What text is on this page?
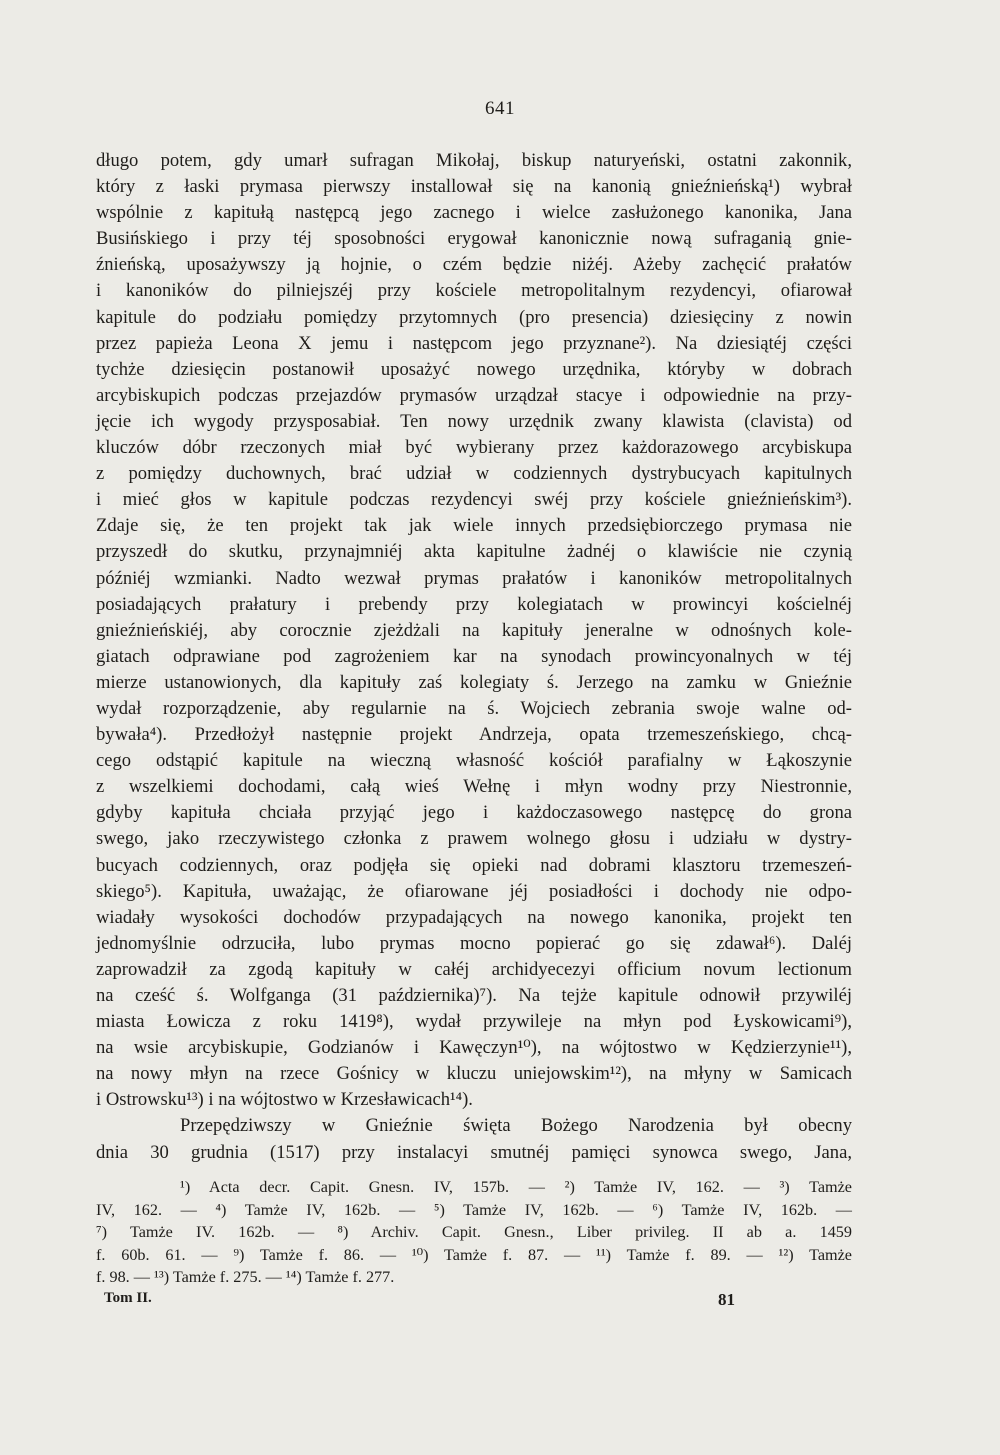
641
długo potem, gdy umarł sufragan Mikołaj, biskup naturyeński, ostatni zakonnik,
który z łaski prymasa pierwszy installował się na kanonią gnieźnieńską¹) wybrał
wspólnie z kapitułą następcą jego zacnego i wielce zasłużonego kanonika, Jana
Busińskiego i przy téj sposobności erygował kanonicznie nową sufraganią gnie-
źnieńską, uposażywszy ją hojnie, o czém będzie niżéj. Ażeby zachęcić prałatów
i kanoników do pilniejszéj przy kościele metropolitalnym rezydencyi, ofiarował
kapitule do podziału pomiędzy przytomnych (pro presencia) dziesięciny z nowin
przez papieża Leona X jemu i następcom jego przyznane²). Na dziesiątéj części
tychże dziesięcin postanowił uposażyć nowego urzędnika, któryby w dobrach
arcybiskupich podczas przejazdów prymasów urządzał stacye i odpowiednie na przy-
jęcie ich wygody przysposabiał. Ten nowy urzędnik zwany klawista (clavista) od
kluczów dóbr rzeczonych miał być wybierany przez każdorazowego arcybiskupa
z pomiędzy duchownych, brać udział w codziennych dystrybucyach kapitulnych
i mieć głos w kapitule podczas rezydencyi swéj przy kościele gnieźnieńskim³).
Zdaje się, że ten projekt tak jak wiele innych przedsiębiorczego prymasa nie
przyszedł do skutku, przynajmniéj akta kapitulne żadnéj o klawiście nie czynią
późniéj wzmianki. Nadto wezwał prymas prałatów i kanoników metropolitalnych
posiadających prałatury i prebendy przy kolegiatach w prowincyi kościelnéj
gnieźnieńskiéj, aby corocznie zjeżdżali na kapituły jeneralne w odnośnych kole-
giatach odprawiane pod zagrożeniem kar na synodach prowincyonalnych w téj
mierze ustanowionych, dla kapituły zaś kolegiaty ś. Jerzego na zamku w Gnieźnie
wydał rozporządzenie, aby regularnie na ś. Wojciech zebrania swoje walne od-
bywała⁴). Przedłożył następnie projekt Andrzeja, opata trzemeszeńskiego, chcą-
cego odstąpić kapitule na wieczną własność kościół parafialny w Łąkoszynie
z wszelkiemi dochodami, całą wieś Wełnę i młyn wodny przy Niestronnie,
gdyby kapituła chciała przyjąć jego i każdoczasowego następcę do grona
swego, jako rzeczywistego członka z prawem wolnego głosu i udziału w dystry-
bucyach codziennych, oraz podjęła się opieki nad dobrami klasztoru trzemeszeń-
skiego⁵). Kapituła, uważając, że ofiarowane jéj posiadłości i dochody nie odpo-
wiadały wysokości dochodów przypadających na nowego kanonika, projekt ten
jednomyślnie odrzuciła, lubo prymas mocno popierać go się zdawał⁶). Daléj
zaprowadził za zgodą kapituły w całéj archidyecezyi officium novum lectionum
na cześć ś. Wolfganga (31 października)⁷). Na tejże kapitule odnowił przywiléj
miasta Łowicza z roku 1419⁸), wydał przywileje na młyn pod Łyskowicami⁹),
na wsie arcybiskupie, Godzianów i Kawęczyn¹⁰), na wójtostwo w Kędzierzynie¹¹),
na nowy młyn na rzece Gośnicy w kluczu uniejowskim¹²), na młyny w Samicach
i Ostrowsku¹³) i na wójtostwo w Krzesławicach¹⁴).
Przepędziwszy w Gnieźnie święta Bożego Narodzenia był obecny
dnia 30 grudnia (1517) przy instalacyi smutnéj pamięci synowca swego, Jana,
¹) Acta decr. Capit. Gnesn. IV, 157b. — ²) Tamże IV, 162. — ³) Tamże
IV, 162. — ⁴) Tamże IV, 162b. — ⁵) Tamże IV, 162b. — ⁶) Tamże IV, 162b. —
⁷) Tamże IV. 162b. — ⁸) Archiv. Capit. Gnesn., Liber privileg. II ab a. 1459
f. 60b. 61. — ⁹) Tamże f. 86. — ¹⁰) Tamże f. 87. — ¹¹) Tamże f. 89. — ¹²) Tamże
f. 98. — ¹³) Tamże f. 275. — ¹⁴) Tamże f. 277.
Tom II.	81
